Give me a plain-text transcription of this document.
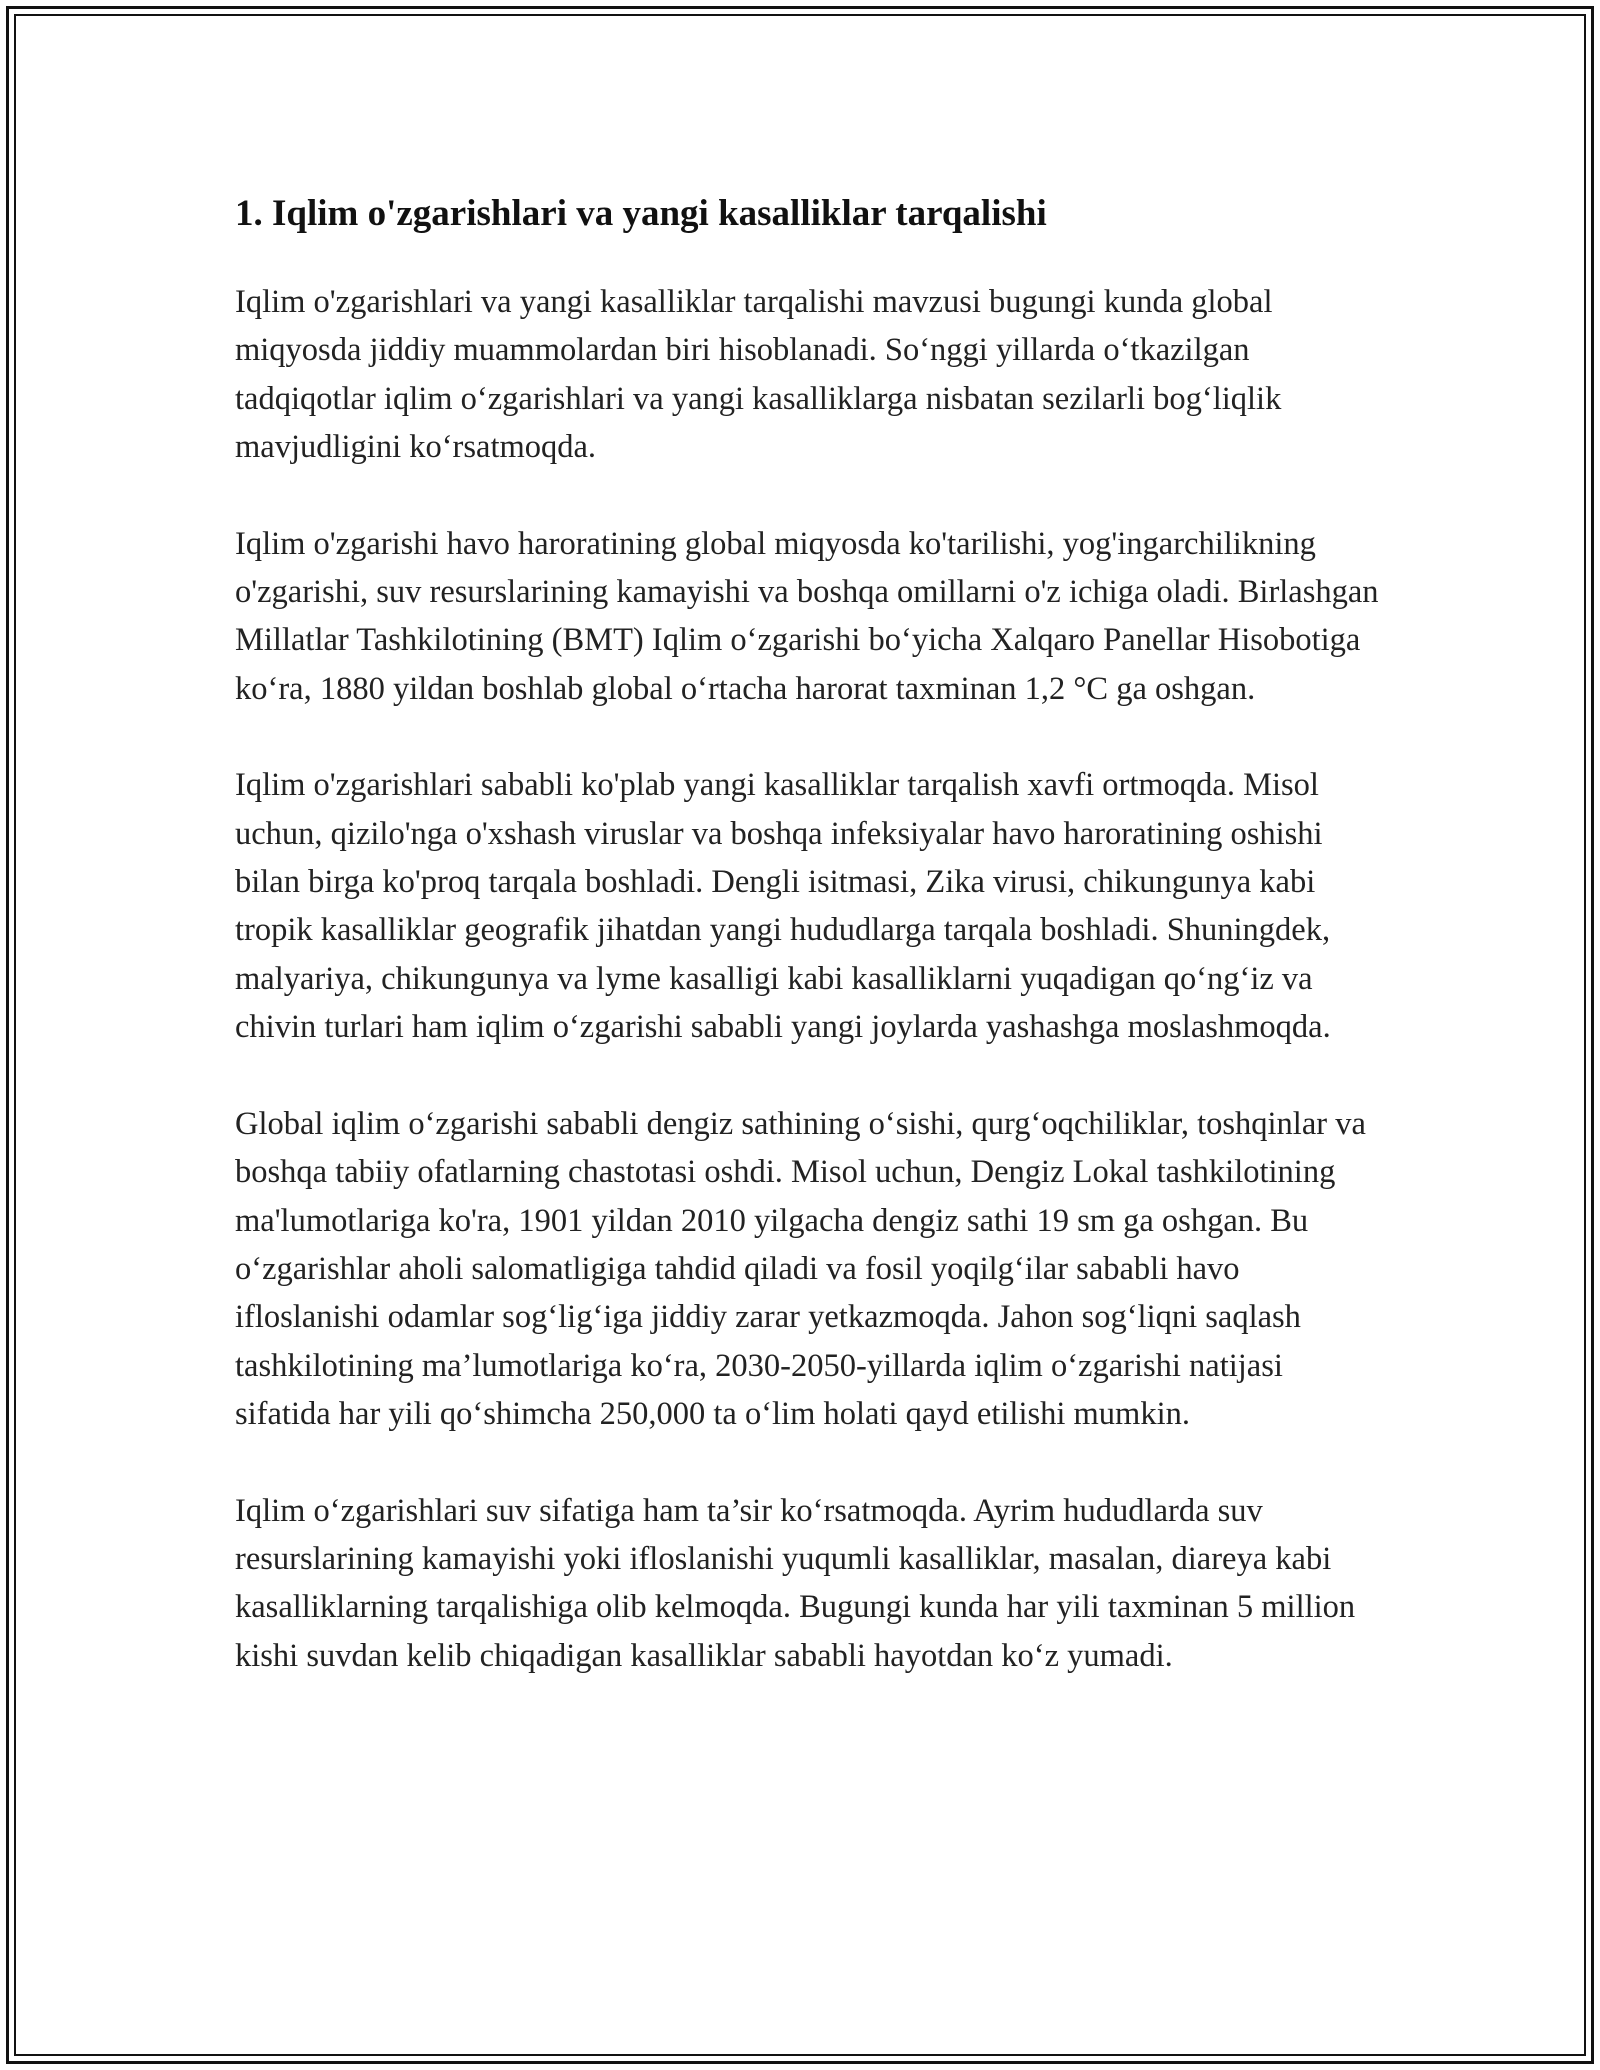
1. Iqlim o'zgarishlari va yangi kasalliklar tarqalishi

Iqlim o'zgarishlari va yangi kasalliklar tarqalishi mavzusi bugungi kunda global miqyosda jiddiy muammolardan biri hisoblanadi. So‘nggi yillarda o‘tkazilgan tadqiqotlar iqlim o‘zgarishlari va yangi kasalliklarga nisbatan sezilarli bog‘liqlik mavjudligini ko‘rsatmoqda.

Iqlim o'zgarishi havo haroratining global miqyosda ko'tarilishi, yog'ingarchilikning o'zgarishi, suv resurslarining kamayishi va boshqa omillarni o'z ichiga oladi. Birlashgan Millatlar Tashkilotining (BMT) Iqlim o‘zgarishi bo‘yicha Xalqaro Panellar Hisobotiga ko‘ra, 1880 yildan boshlab global o‘rtacha harorat taxminan 1,2 °C ga oshgan.

Iqlim o'zgarishlari sababli ko'plab yangi kasalliklar tarqalish xavfi ortmoqda. Misol uchun, qizilo'nga o'xshash viruslar va boshqa infeksiyalar havo haroratining oshishi bilan birga ko'proq tarqala boshladi. Dengli isitmasi, Zika virusi, chikungunya kabi tropik kasalliklar geografik jihatdan yangi hududlarga tarqala boshladi. Shuningdek, malyariya, chikungunya va lyme kasalligi kabi kasalliklarni yuqadigan qo‘ng‘iz va chivin turlari ham iqlim o‘zgarishi sababli yangi joylarda yashashga moslashmoqda.

Global iqlim o‘zgarishi sababli dengiz sathining o‘sishi, qurg‘oqchiliklar, toshqinlar va boshqa tabiiy ofatlarning chastotasi oshdi. Misol uchun, Dengiz Lokal tashkilotining ma'lumotlariga ko'ra, 1901 yildan 2010 yilgacha dengiz sathi 19 sm ga oshgan. Bu o‘zgarishlar aholi salomatligiga tahdid qiladi va fosil yoqilg‘ilar sababli havo ifloslanishi odamlar sog‘lig‘iga jiddiy zarar yetkazmoqda. Jahon sog‘liqni saqlash tashkilotining ma’lumotlariga ko‘ra, 2030-2050-yillarda iqlim o‘zgarishi natijasi sifatida har yili qo‘shimcha 250,000 ta o‘lim holati qayd etilishi mumkin.

Iqlim o‘zgarishlari suv sifatiga ham ta’sir ko‘rsatmoqda. Ayrim hududlarda suv resurslarining kamayishi yoki ifloslanishi yuqumli kasalliklar, masalan, diareya kabi kasalliklarning tarqalishiga olib kelmoqda. Bugungi kunda har yili taxminan 5 million kishi suvdan kelib chiqadigan kasalliklar sababli hayotdan ko‘z yumadi.
